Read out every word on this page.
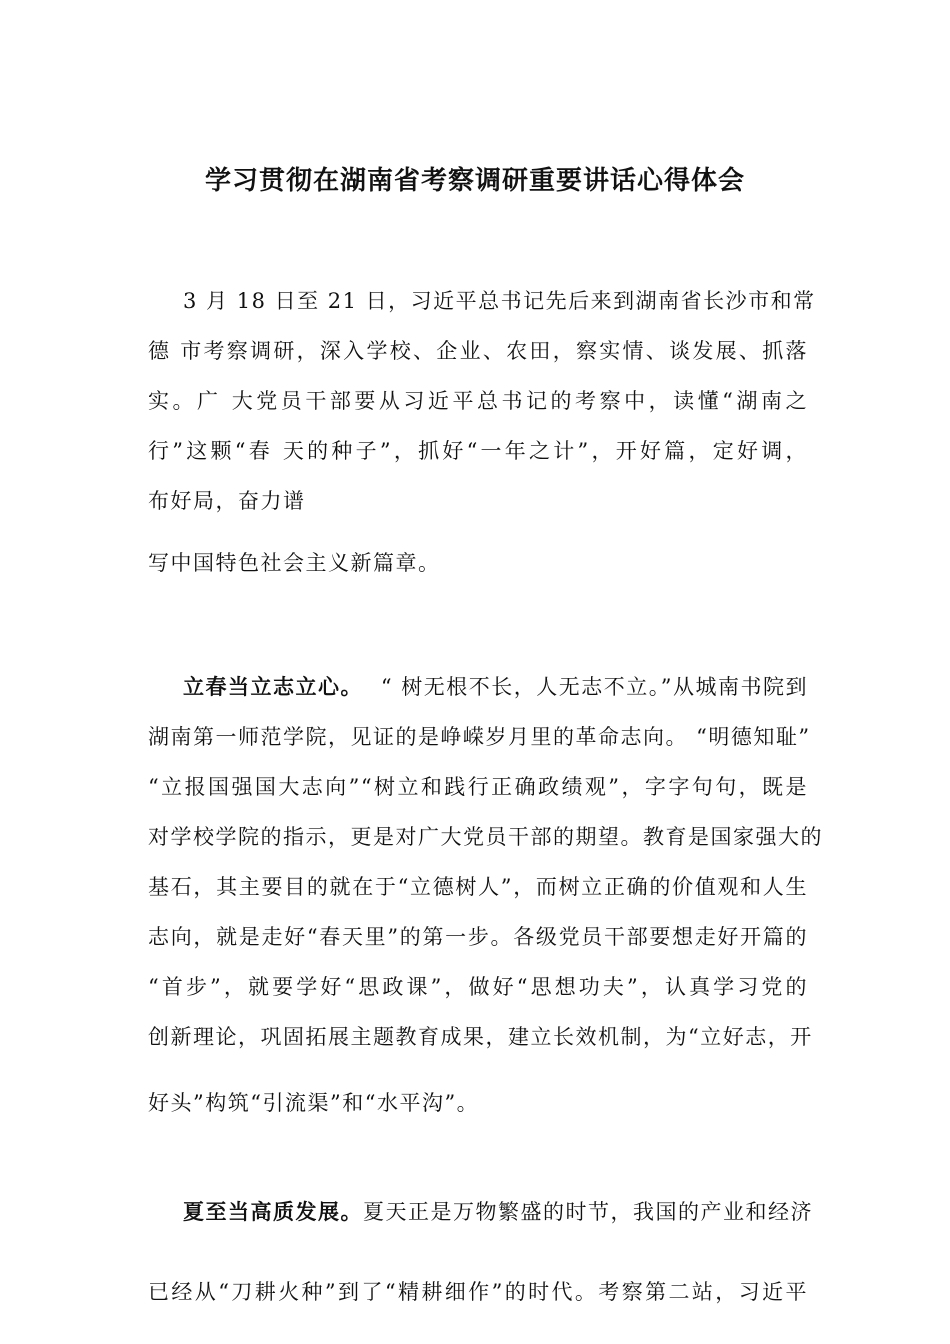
学习贯彻在湖南省考察调研重要讲话心得体会
3 月 18 日至 21 日，习近平总书记先后来到湖南省长沙市和常
德 市考察调研，深入学校、企业、农田，察实情、谈发展、抓落
实。广 大党员干部要从习近平总书记的考察中，读懂“湖南之
行”这颗“春 天的种子”，抓好“一年之计”，开好篇，定好调，
布好局，奋力谱
写中国特色社会主义新篇章。
立春当立志立心。 “ 树无根不长，人无志不立。”从城南书院到
湖南第一师范学院，见证的是峥嵘岁月里的革命志向。 “明德知耻”
“立报国强国大志向”“树立和践行正确政绩观”，字字句句，既是
对学校学院的指示，更是对广大党员干部的期望。教育是国家强大的
基石，其主要目的就在于“立德树人”，而树立正确的价值观和人生
志向，就是走好“春天里”的第一步。各级党员干部要想走好开篇的
“首步”，就要学好“思政课”，做好“思想功夫”，认真学习党的
创新理论，巩固拓展主题教育成果，建立长效机制，为“立好志，开
好头”构筑“引流渠”和“水平沟”。
夏至当高质发展。 夏天正是万物繁盛的时节，我国的产业和经济
已经从“刀耕火种”到了“精耕细作”的时代。考察第二站，习近平
